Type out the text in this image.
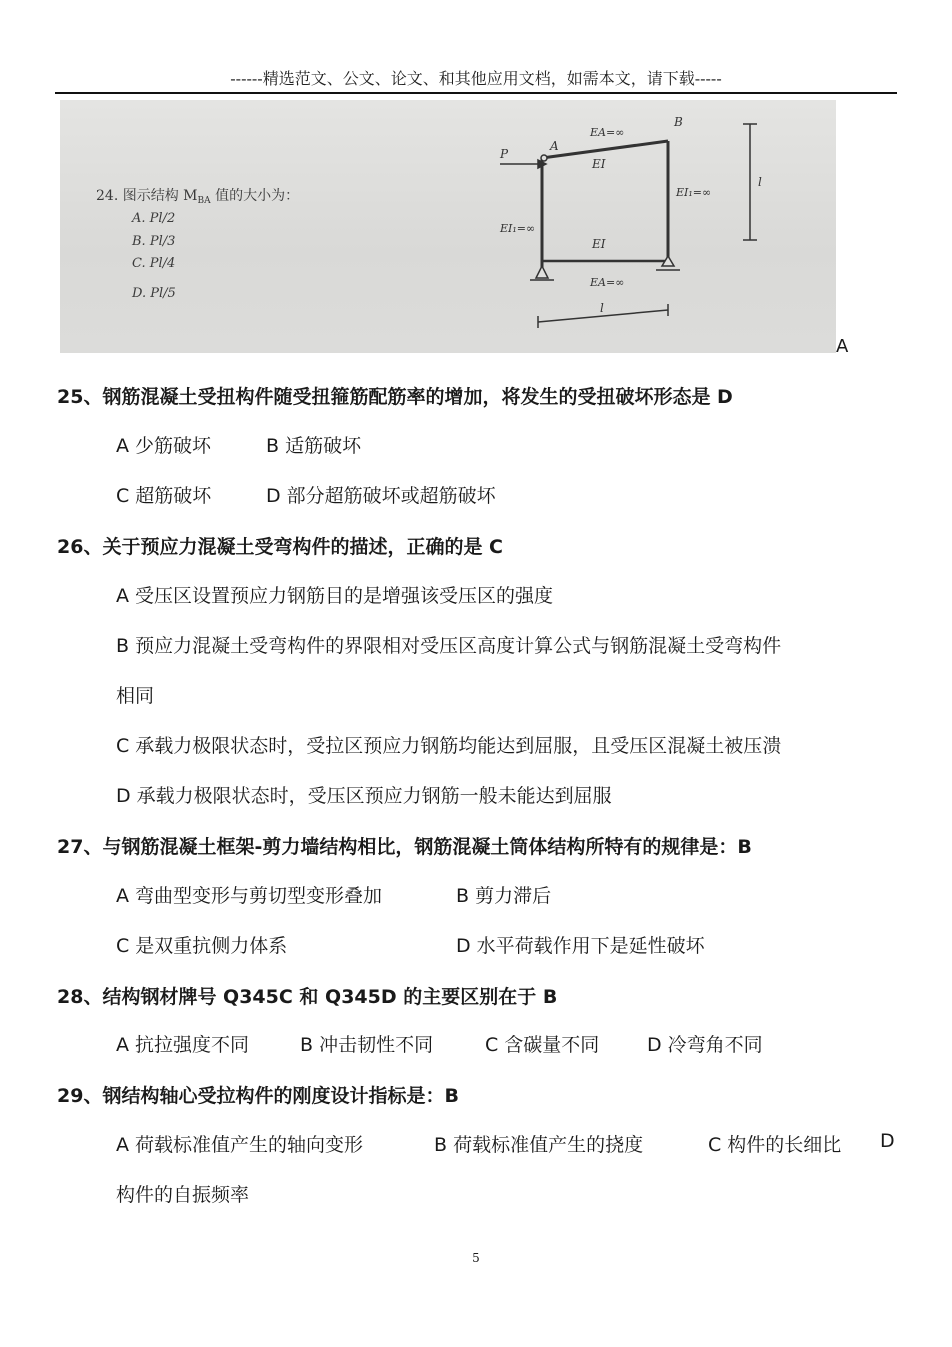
------精选范文、公文、论文、和其他应用文档，如需本文，请下载-----
24. 图示结构 $M_{BA}$ 值的大小为：
A. Pl/2
B. Pl/3
C. Pl/4
D. Pl/5
P
A
B
EA=∞
EI
EI₁=∞
EI₁=∞
EI
EA=∞
l
l
A
25、钢筋混凝土受扭构件随受扭箍筋配筋率的增加，将发生的受扭破坏形态是 D
A 少筋破坏	B 适筋破坏
C 超筋破坏	D 部分超筋破坏或超筋破坏
26、关于预应力混凝土受弯构件的描述，正确的是 C
A 受压区设置预应力钢筋目的是增强该受压区的强度
B 预应力混凝土受弯构件的界限相对受压区高度计算公式与钢筋混凝土受弯构件
相同
C 承载力极限状态时，受拉区预应力钢筋均能达到屈服，且受压区混凝土被压溃
D 承载力极限状态时，受压区预应力钢筋一般未能达到屈服
27、与钢筋混凝土框架-剪力墙结构相比，钢筋混凝土筒体结构所特有的规律是：B
A 弯曲型变形与剪切型变形叠加	B 剪力滞后
C 是双重抗侧力体系	D 水平荷载作用下是延性破坏
28、结构钢材牌号 Q345C 和 Q345D 的主要区别在于 B
A 抗拉强度不同	B 冲击韧性不同	C 含碳量不同	D 冷弯角不同
29、钢结构轴心受拉构件的刚度设计指标是：B
A 荷载标准值产生的轴向变形	B 荷载标准值产生的挠度	C 构件的长细比 D
构件的自振频率
5
